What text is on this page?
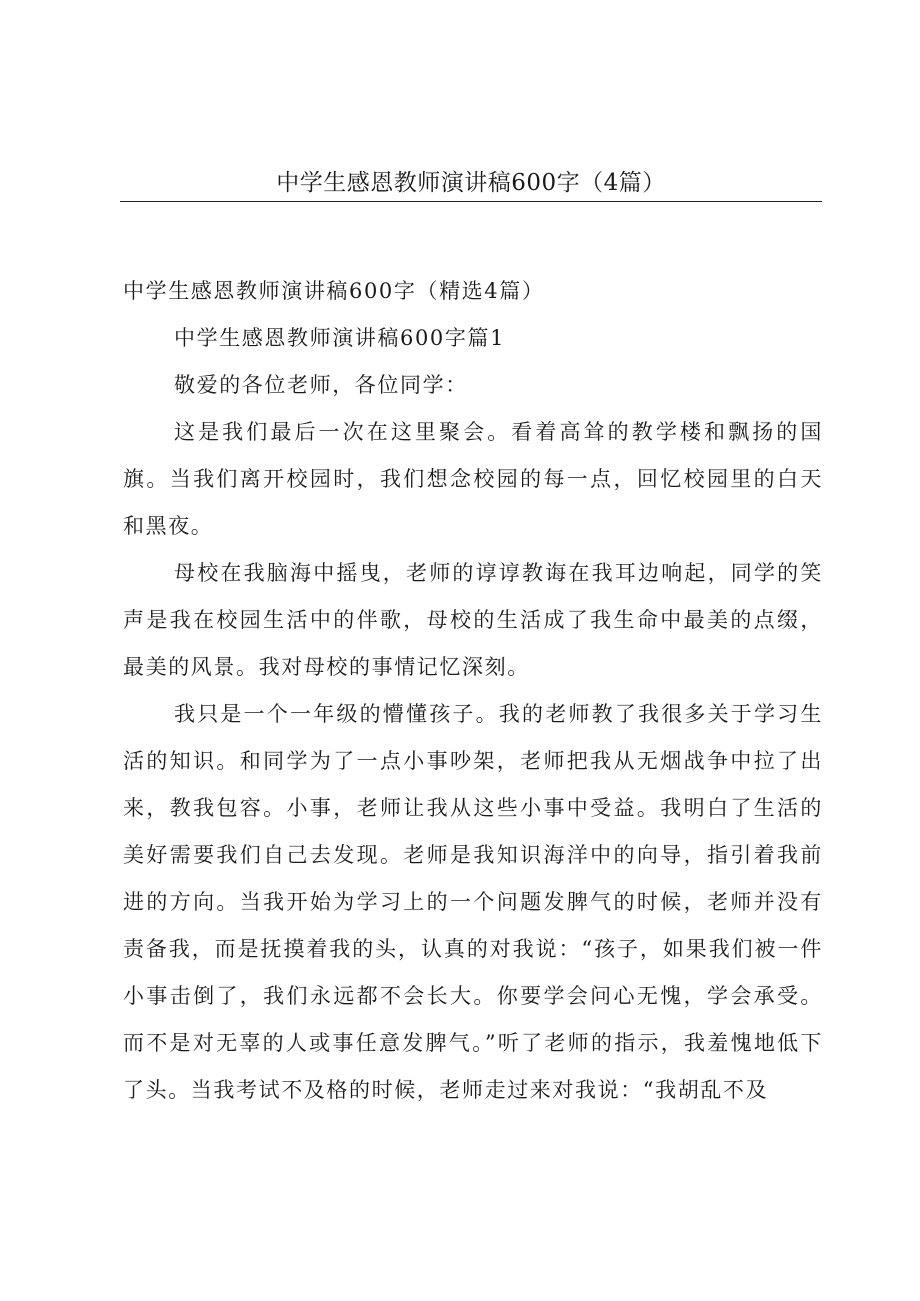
中学生感恩教师演讲稿600字（4篇）

中学生感恩教师演讲稿600字（精选4篇）

中学生感恩教师演讲稿600字篇1

敬爱的各位老师，各位同学：

这是我们最后一次在这里聚会。看着高耸的教学楼和飘扬的国旗。当我们离开校园时，我们想念校园的每一点，回忆校园里的白天和黑夜。

母校在我脑海中摇曳，老师的谆谆教诲在我耳边响起，同学的笑声是我在校园生活中的伴歌，母校的生活成了我生命中最美的点缀，最美的风景。我对母校的事情记忆深刻。

我只是一个一年级的懵懂孩子。我的老师教了我很多关于学习生活的知识。和同学为了一点小事吵架，老师把我从无烟战争中拉了出来，教我包容。小事，老师让我从这些小事中受益。我明白了生活的美好需要我们自己去发现。老师是我知识海洋中的向导，指引着我前进的方向。当我开始为学习上的一个问题发脾气的时候，老师并没有责备我，而是抚摸着我的头，认真的对我说：“孩子，如果我们被一件小事击倒了，我们永远都不会长大。你要学会问心无愧，学会承受。而不是对无辜的人或事任意发脾气。”听了老师的指示，我羞愧地低下了头。当我考试不及格的时候，老师走过来对我说：“我胡乱不及
